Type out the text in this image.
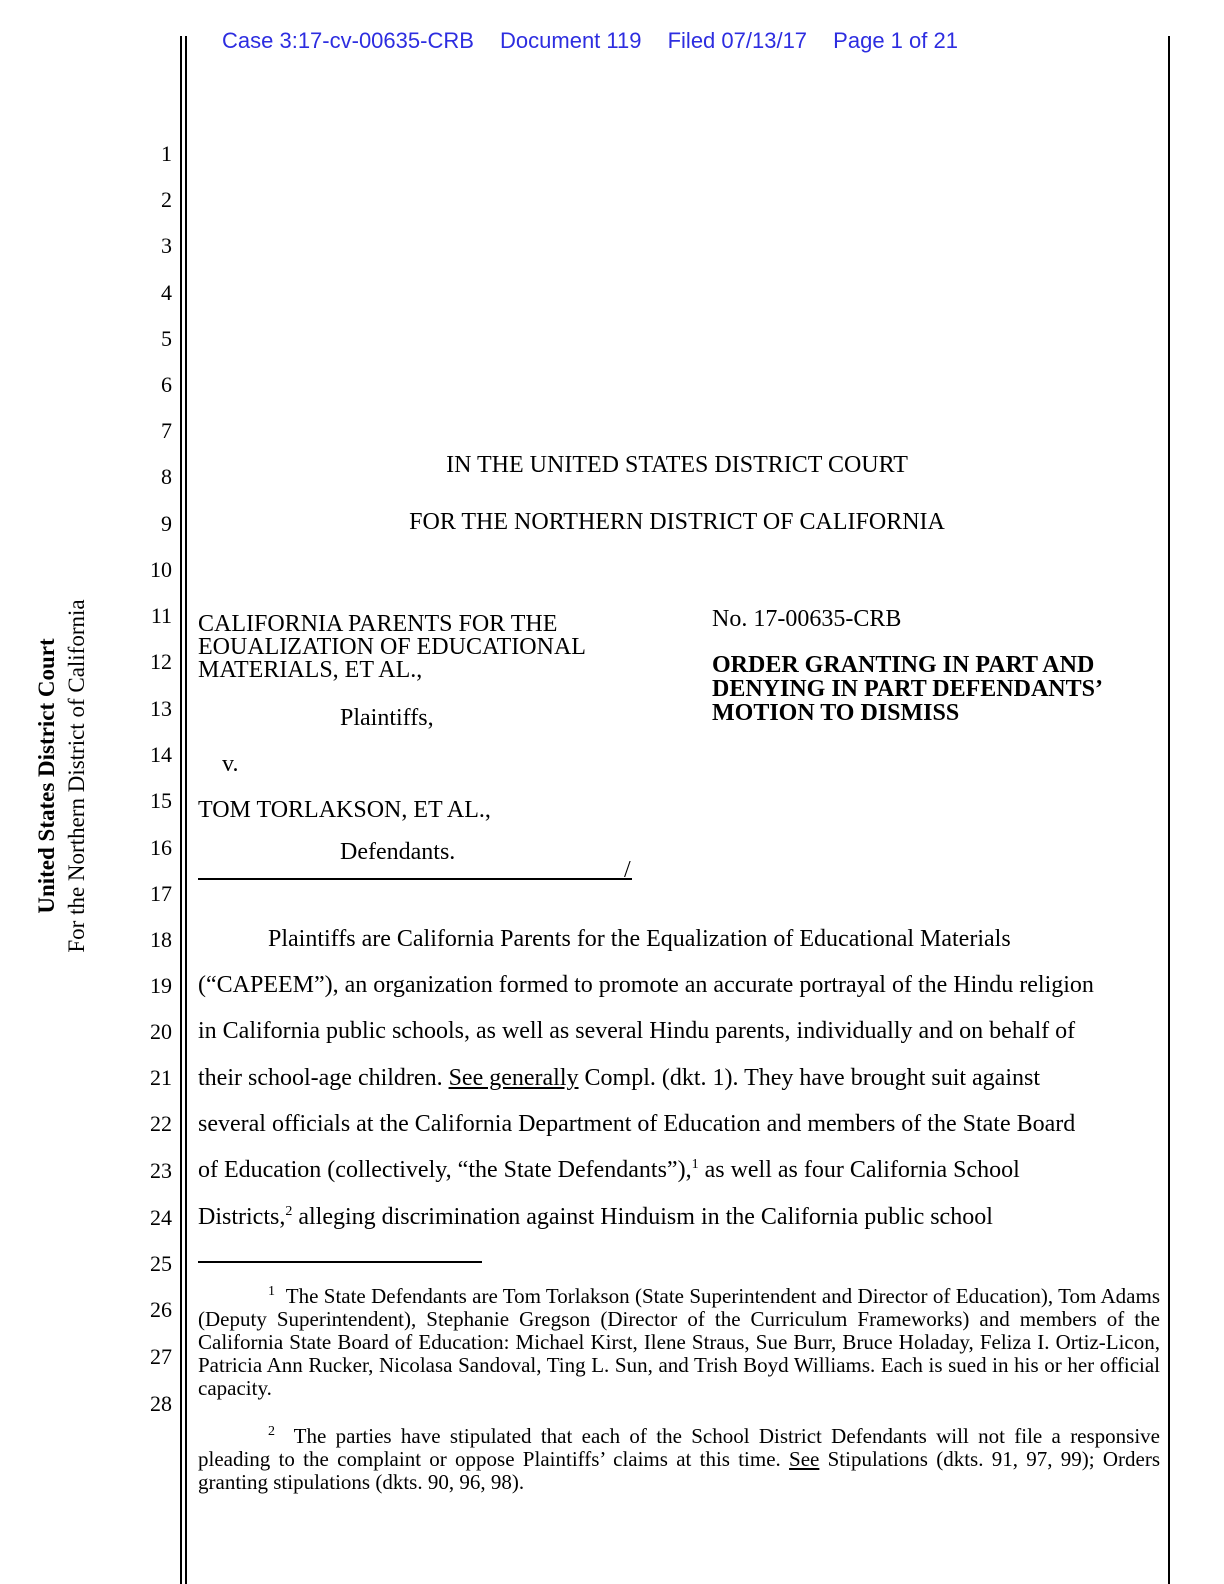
Case 3:17-cv-00635-CRB Document 119 Filed 07/13/17 Page 1 of 21
United States District Court For the Northern District of California
1
2
3
4
5
6
7
8
9
10
11
12
13
14
15
16
17
18
19
20
21
22
23
24
25
26
27
28
IN THE UNITED STATES DISTRICT COURT
FOR THE NORTHERN DISTRICT OF CALIFORNIA
CALIFORNIA PARENTS FOR THE
EOUALIZATION OF EDUCATIONAL
MATERIALS, ET AL.,
Plaintiffs,
v.
TOM TORLAKSON, ET AL.,
Defendants.
/
No. 17-00635-CRB
ORDER GRANTING IN PART AND
DENYING IN PART DEFENDANTS’
MOTION TO DISMISS
Plaintiffs are California Parents for the Equalization of Educational Materials
(“CAPEEM”), an organization formed to promote an accurate portrayal of the Hindu religion
in California public schools, as well as several Hindu parents, individually and on behalf of
their school-age children. See generally Compl. (dkt. 1). They have brought suit against
several officials at the California Department of Education and members of the State Board
of Education (collectively, “the State Defendants”),$^1$ as well as four California School
Districts,$^2$ alleging discrimination against Hinduism in the California public school
$^1$ The State Defendants are Tom Torlakson (State Superintendent and Director of Education), Tom Adams (Deputy Superintendent), Stephanie Gregson (Director of the Curriculum Frameworks) and members of the California State Board of Education: Michael Kirst, Ilene Straus, Sue Burr, Bruce Holaday, Feliza I. Ortiz-Licon, Patricia Ann Rucker, Nicolasa Sandoval, Ting L. Sun, and Trish Boyd Williams. Each is sued in his or her official capacity.
$^2$ The parties have stipulated that each of the School District Defendants will not file a responsive pleading to the complaint or oppose Plaintiffs’ claims at this time. See Stipulations (dkts. 91, 97, 99); Orders granting stipulations (dkts. 90, 96, 98).
